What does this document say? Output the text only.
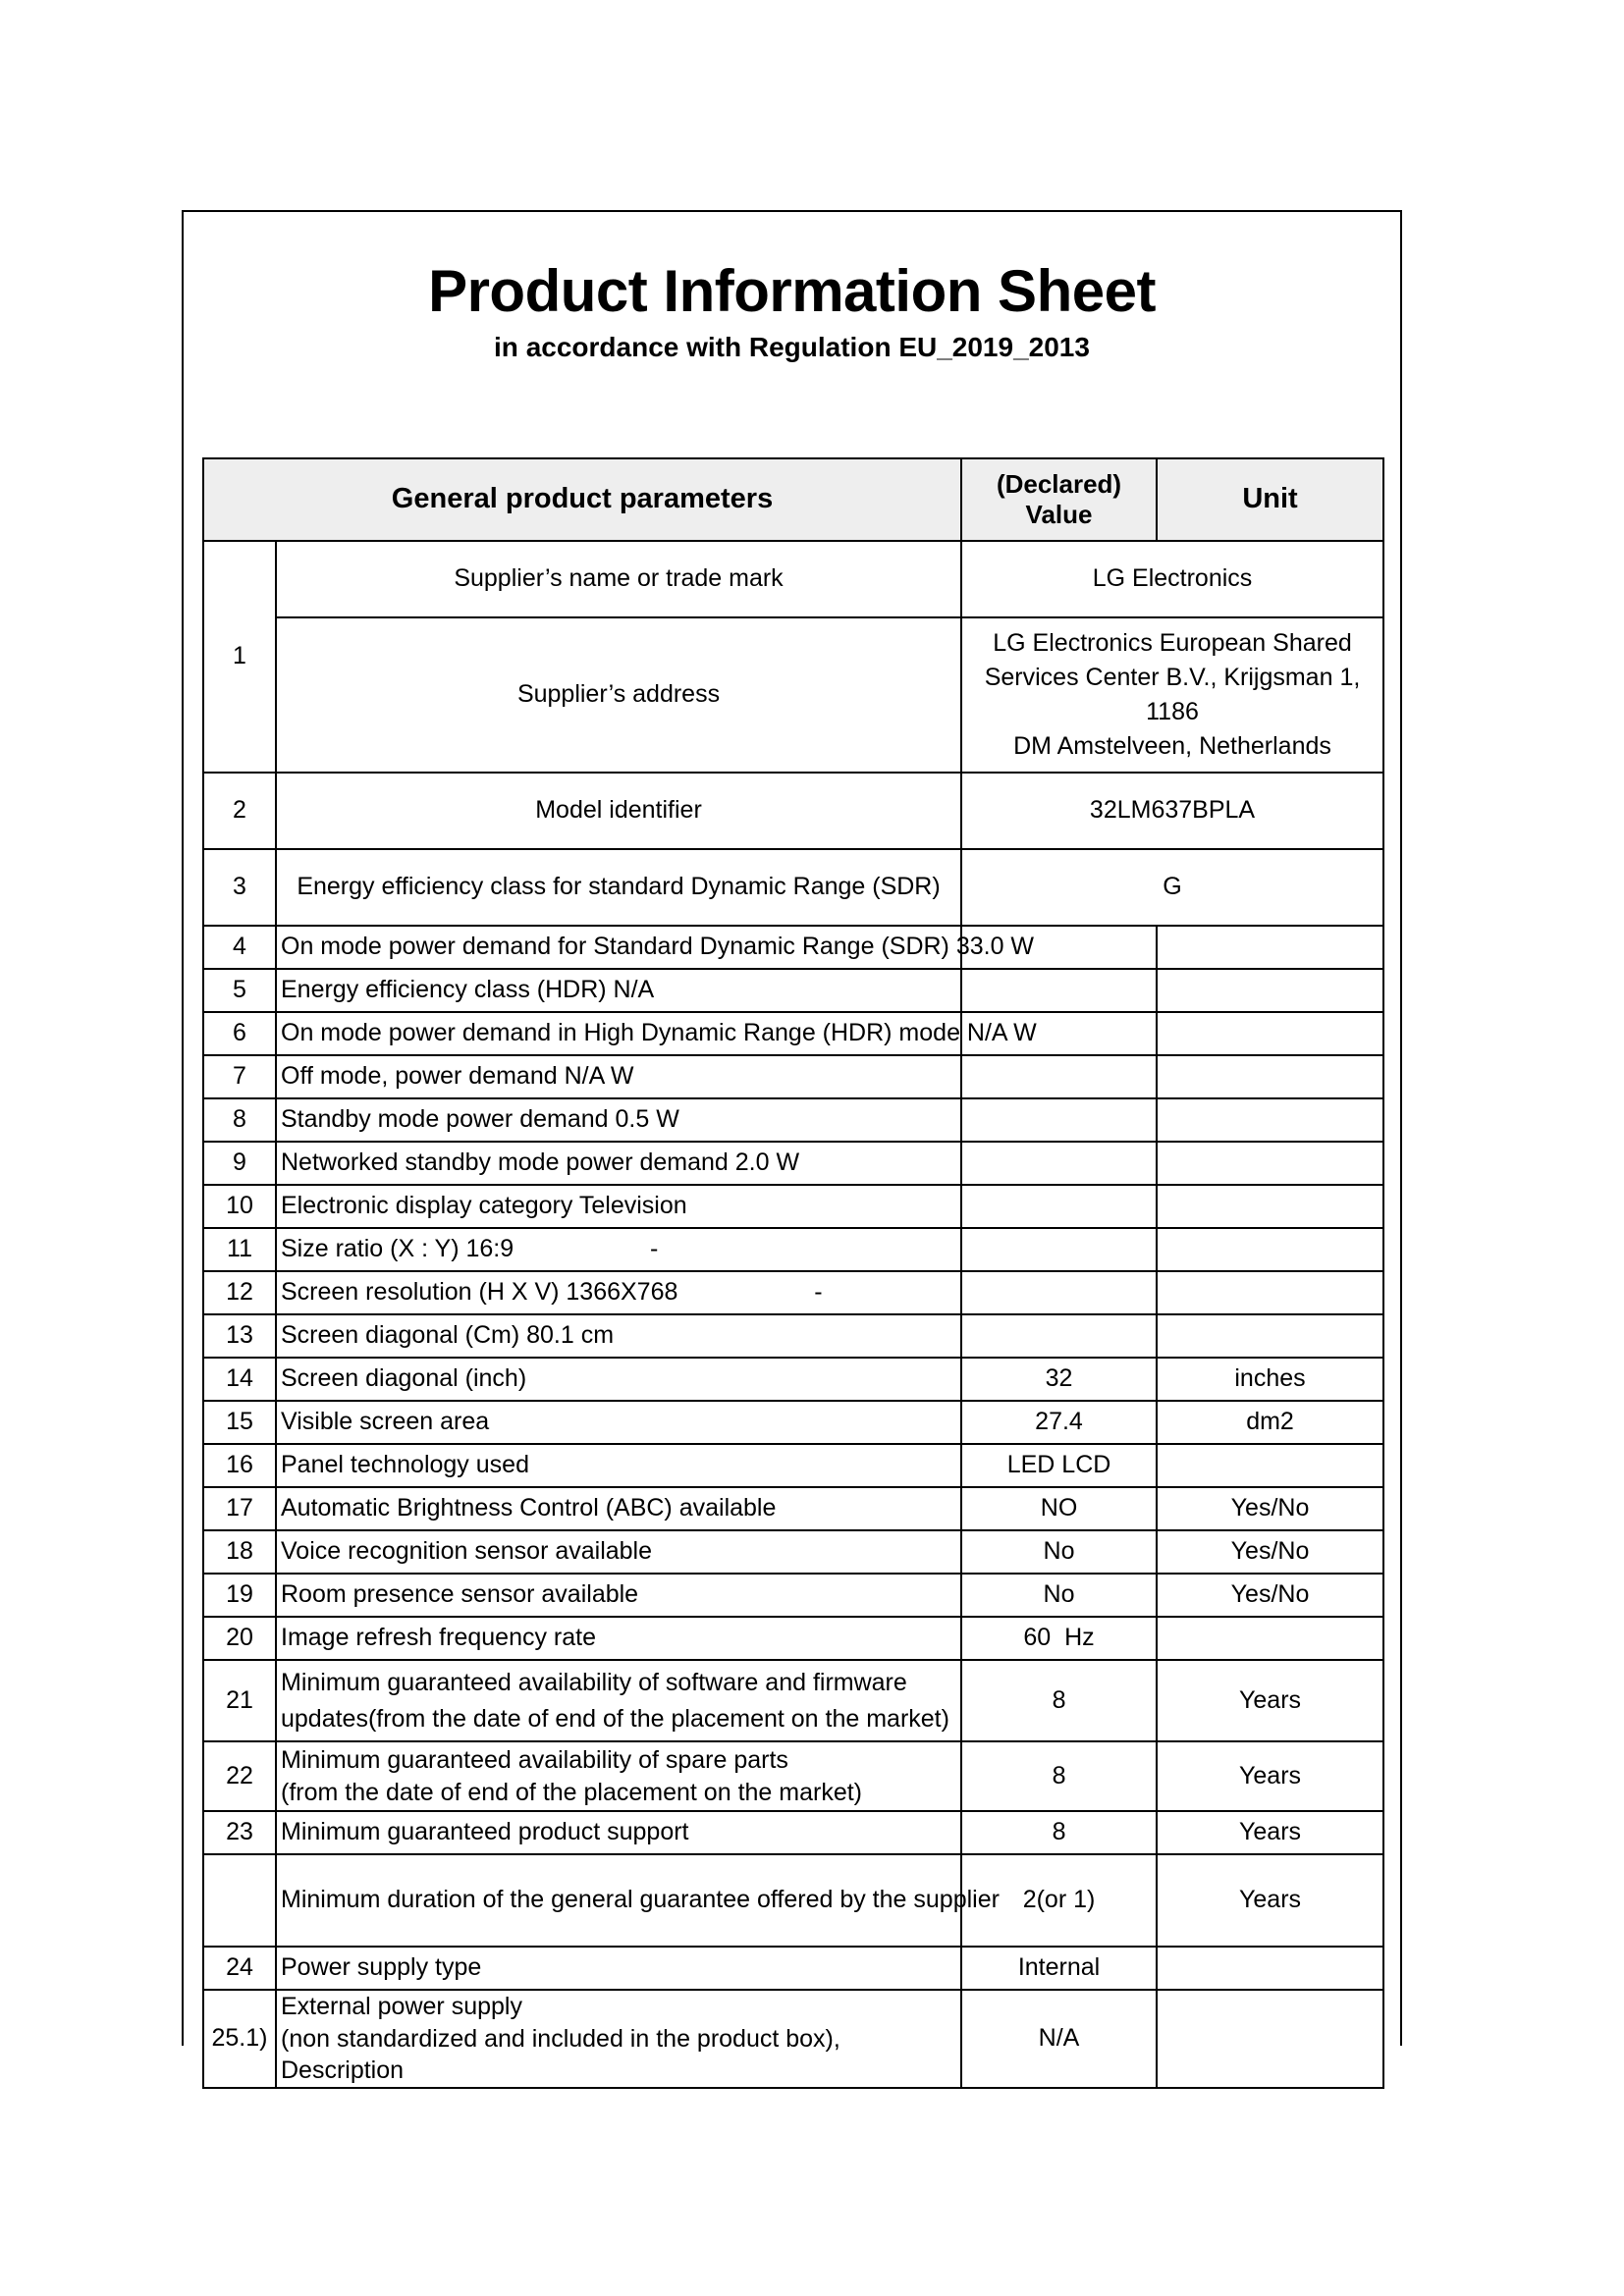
Product Information Sheet
in accordance with Regulation EU_2019_2013
General product parameters		(Declared)
Value	Unit
1	Supplier’s name or trade mark	LG Electronics	
	Supplier’s address	LG Electronics European Shared
Services Center B.V., Krijgsman 1, 1186
DM Amstelveen, Netherlands	
2	Model identifier	32LM637BPLA	
3	Energy efficiency class for standard Dynamic Range (SDR)	G	
4	On mode power demand for Standard Dynamic Range (SDR) 33.0 W		
5	Energy efficiency class (HDR) N/A		
6	On mode power demand in High Dynamic Range (HDR) mode N/A W		
7	Off mode, power demand N/A W		
8	Standby mode power demand 0.5 W		
9	Networked standby mode power demand 2.0 W		
10	Electronic display category Television		
11	Size ratio (X : Y) 16:9                    -		
12	Screen resolution (H X V) 1366X768                    -		
13	Screen diagonal (Cm) 80.1 cm		
14	Screen diagonal (inch)	32	inches
15	Visible screen area	27.4	dm2
16	Panel technology used	LED LCD	
17	Automatic Brightness Control (ABC) available	NO	Yes/No
18	Voice recognition sensor available	No	Yes/No
19	Room presence sensor available	No	Yes/No
20	Image refresh frequency rate	60  Hz	
21	Minimum guaranteed availability of software and firmware
updates(from the date of end of the placement on the market)	8	Years
22	Minimum guaranteed availability of spare parts
(from the date of end of the placement on the market)	8	Years
23	Minimum guaranteed product support	8	Years
	Minimum duration of the general guarantee offered by the supplier	2(or 1)	Years
24	Power supply type	Internal	
25.1)	External power supply
(non standardized and included in the product box), Description	N/A	
